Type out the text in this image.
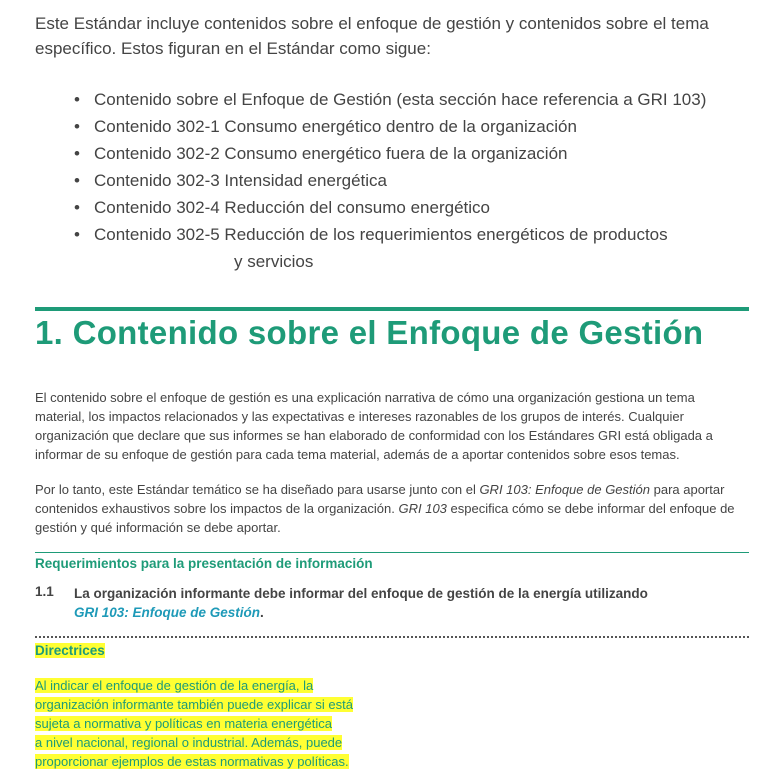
Este Estándar incluye contenidos sobre el enfoque de gestión y contenidos sobre el tema específico. Estos figuran en el Estándar como sigue:
• Contenido sobre el Enfoque de Gestión (esta sección hace referencia a GRI 103)
• Contenido 302-1 Consumo energético dentro de la organización
• Contenido 302-2 Consumo energético fuera de la organización
• Contenido 302-3 Intensidad energética
• Contenido 302-4 Reducción del consumo energético
• Contenido 302-5 Reducción de los requerimientos energéticos de productos
y servicios
1. Contenido sobre el Enfoque de Gestión
El contenido sobre el enfoque de gestión es una explicación narrativa de cómo una organización gestiona un tema material, los impactos relacionados y las expectativas e intereses razonables de los grupos de interés. Cualquier organización que declare que sus informes se han elaborado de conformidad con los Estándares GRI está obligada a informar de su enfoque de gestión para cada tema material, además de a aportar contenidos sobre esos temas.
Por lo tanto, este Estándar temático se ha diseñado para usarse junto con el GRI 103: Enfoque de Gestión para aportar contenidos exhaustivos sobre los impactos de la organización. GRI 103 especifica cómo se debe informar del enfoque de gestión y qué información se debe aportar.
Requerimientos para la presentación de información
1.1 La organización informante debe informar del enfoque de gestión de la energía utilizando
GRI 103: Enfoque de Gestión.
Directrices
Al indicar el enfoque de gestión de la energía, la
organización informante también puede explicar si está
sujeta a normativa y políticas en materia energética
a nivel nacional, regional o industrial. Además, puede
proporcionar ejemplos de estas normativas y políticas.
